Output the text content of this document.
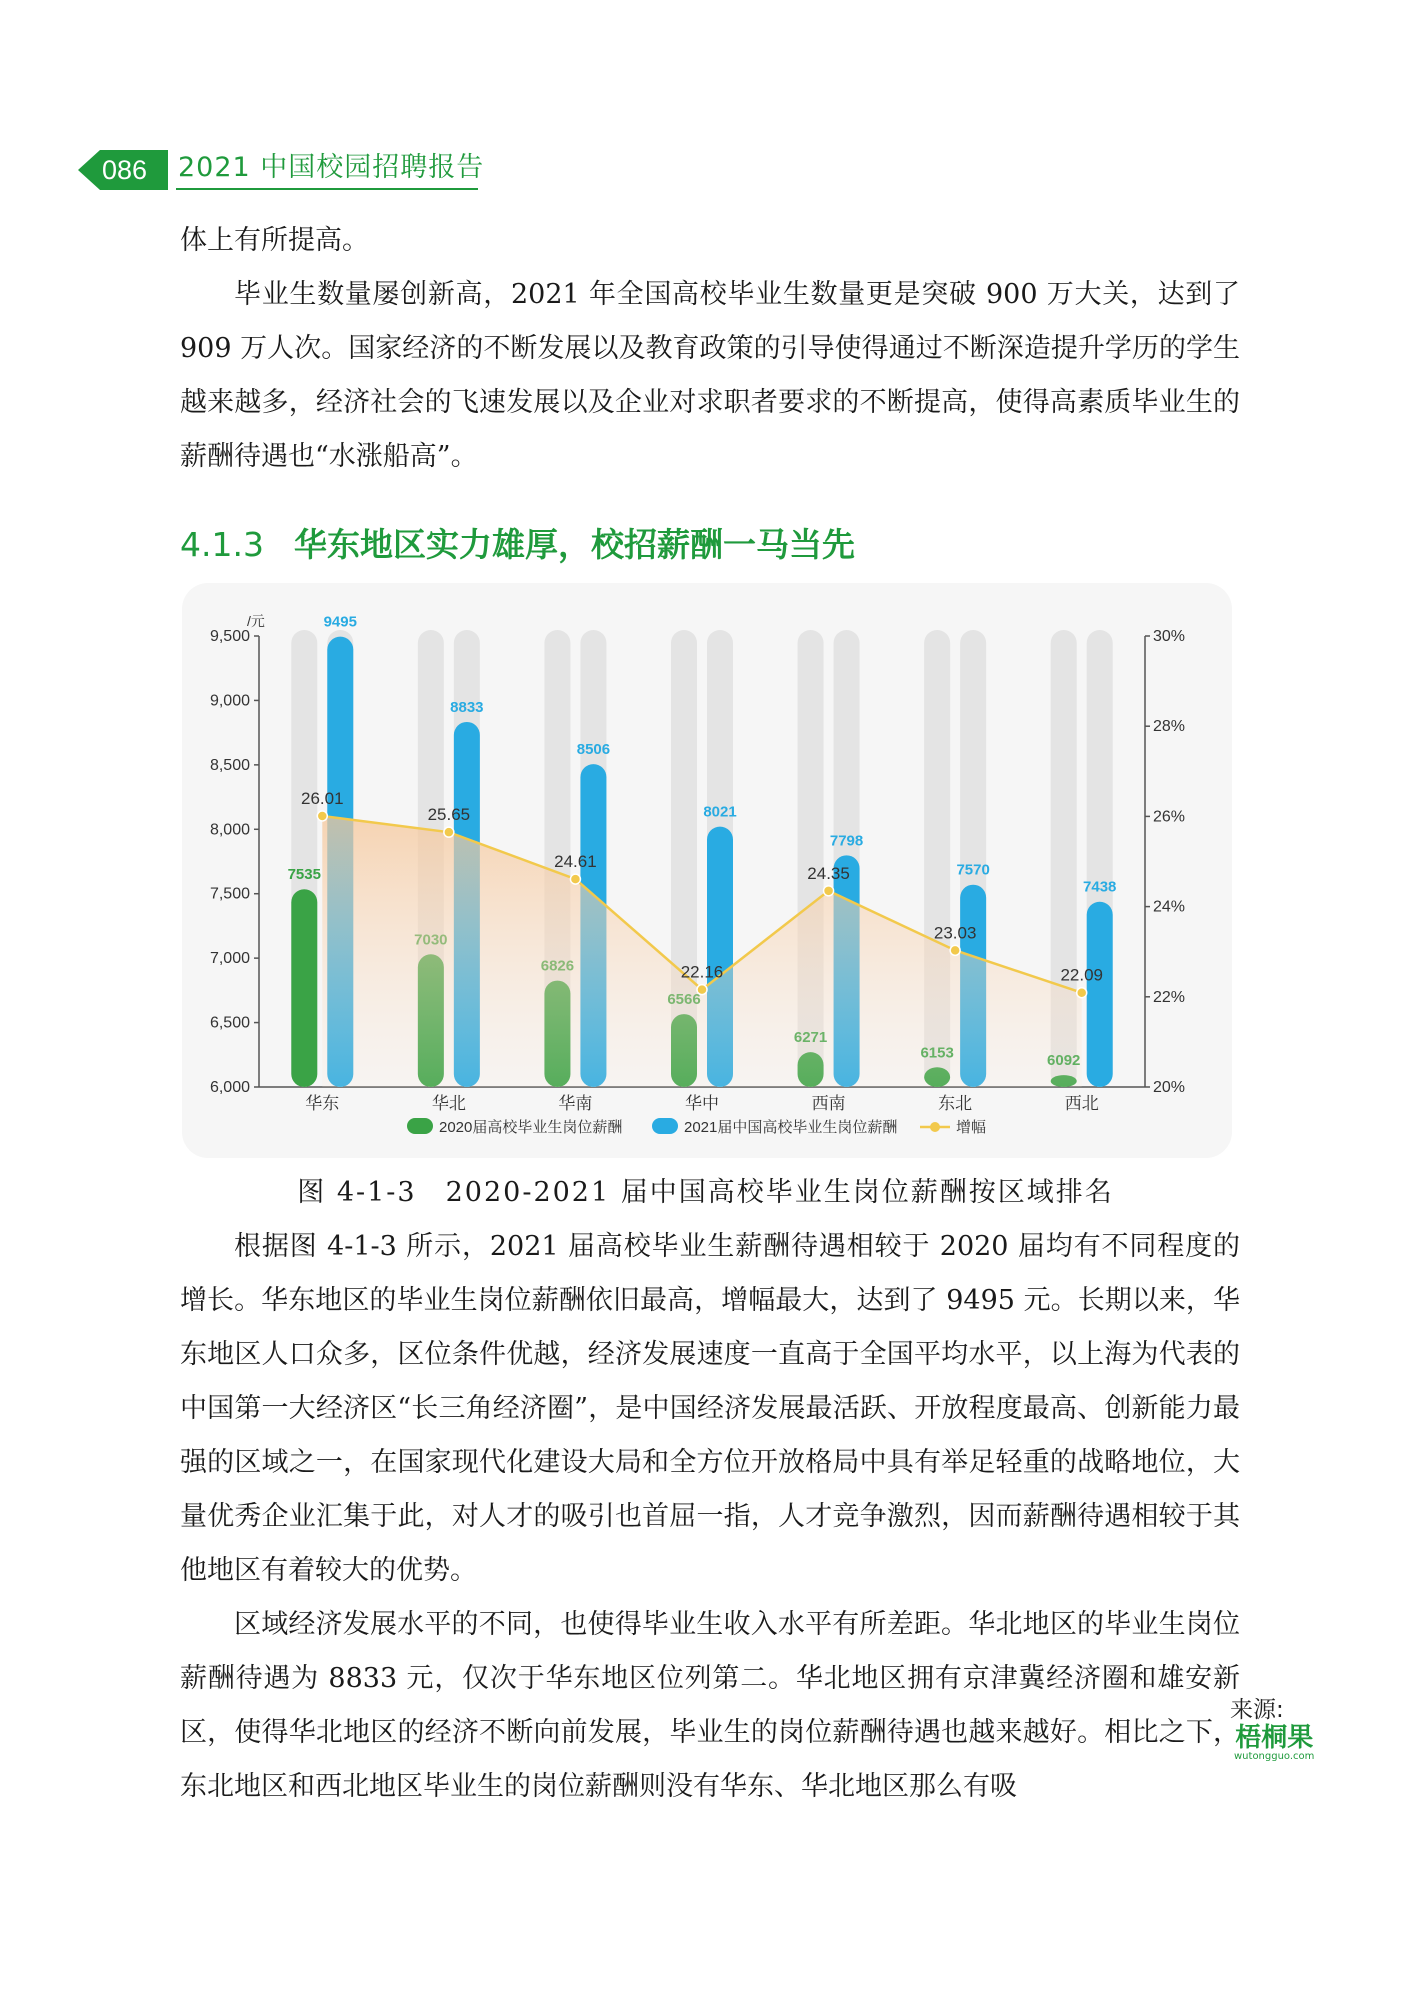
086 2021 中国校园招聘报告

体上有所提高。

毕业生数量屡创新高，2021 年全国高校毕业生数量更是突破 900 万大关，达到了 909 万人次。国家经济的不断发展以及教育政策的引导使得通过不断深造提升学历的学生越来越多，经济社会的飞速发展以及企业对求职者要求的不断提高，使得高素质毕业生的薪酬待遇也“水涨船高”。

4.1.3 华东地区实力雄厚，校招薪酬一马当先
6,000
6,500
7,000
7,500
8,000
8,500
9,000
9,500
/元
20%
22%
24%
26%
28%
30%
7535
9495
华东
8833
华北
8506
华南
8021
华中
7798
西南
7570
东北
7438
西北
26.01
25.65
24.61
22.16
24.35
23.03
22.09
2020届高校毕业生岗位薪酬	2021届中国高校毕业生岗位薪酬	增幅
来源:
梧桐果
wutongguo.com
图 4-1-3　2020-2021 届中国高校毕业生岗位薪酬按区域排名

根据图 4-1-3 所示，2021 届高校毕业生薪酬待遇相较于 2020 届均有不同程度的增长。华东地区的毕业生岗位薪酬依旧最高，增幅最大，达到了 9495 元。长期以来，华东地区人口众多，区位条件优越，经济发展速度一直高于全国平均水平，以上海为代表的中国第一大经济区“长三角经济圈”，是中国经济发展最活跃、开放程度最高、创新能力最强的区域之一，在国家现代化建设大局和全方位开放格局中具有举足轻重的战略地位，大量优秀企业汇集于此，对人才的吸引也首屈一指，人才竞争激烈，因而薪酬待遇相较于其他地区有着较大的优势。

区域经济发展水平的不同，也使得毕业生收入水平有所差距。华北地区的毕业生岗位薪酬待遇为 8833 元，仅次于华东地区位列第二。华北地区拥有京津冀经济圈和雄安新区，使得华北地区的经济不断向前发展，毕业生的岗位薪酬待遇也越来越好。相比之下，东北地区和西北地区毕业生的岗位薪酬则没有华东、华北地区那么有吸
